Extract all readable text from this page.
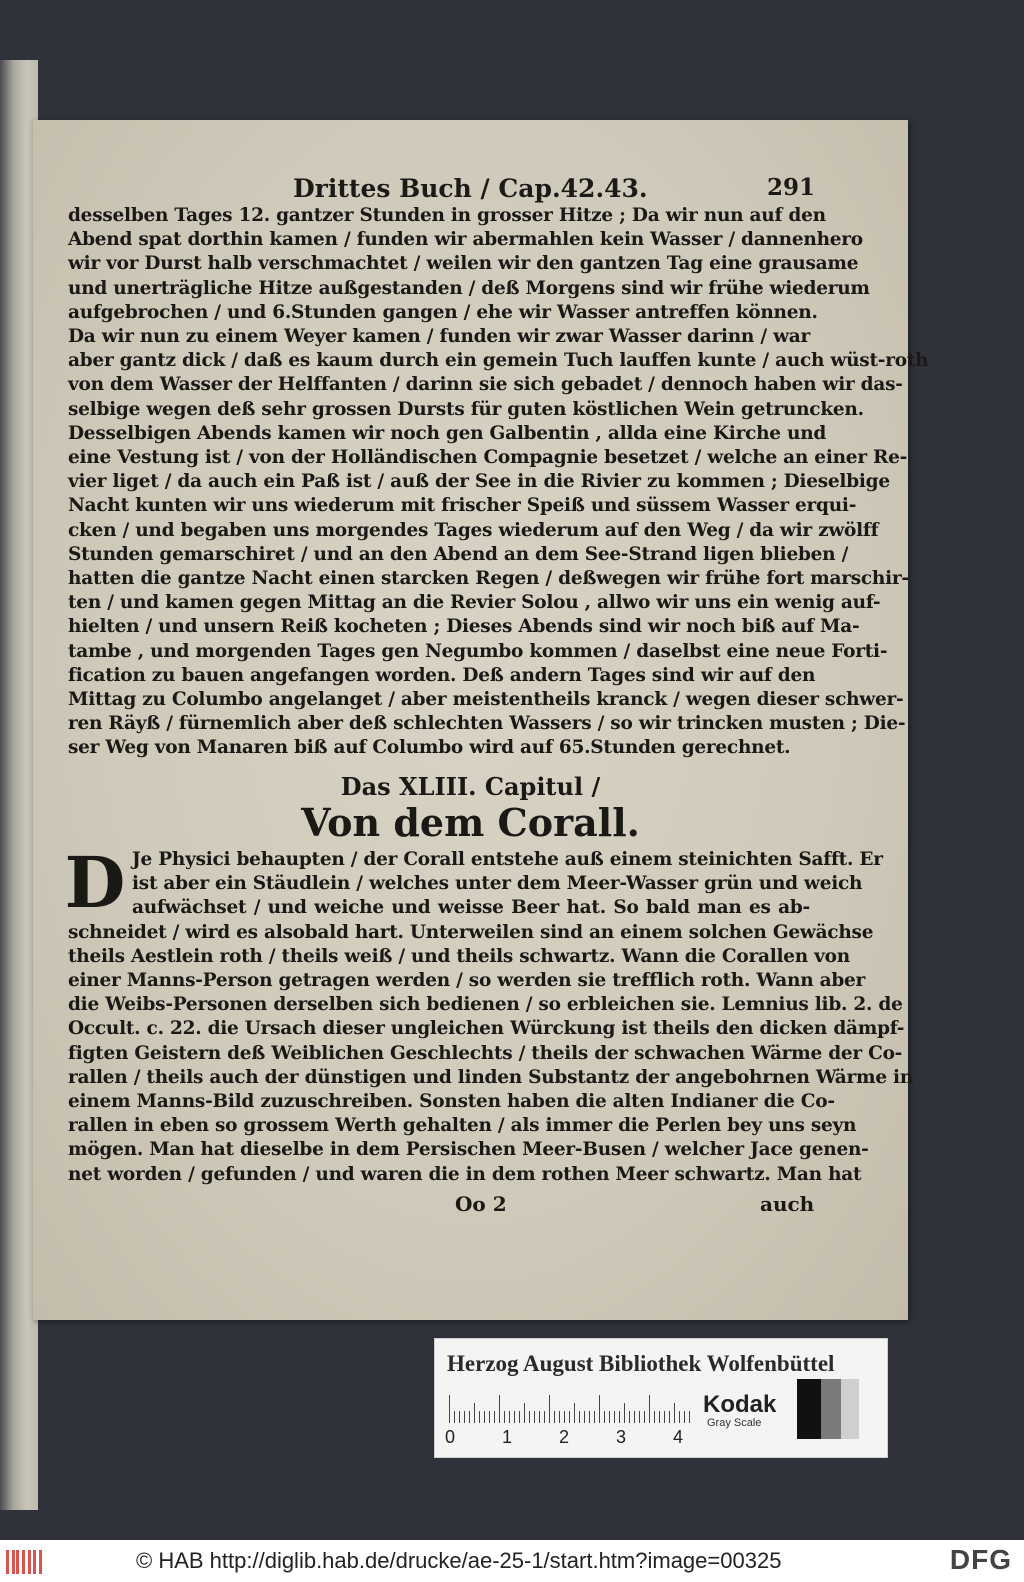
Drittes Buch / Cap.42.43.	291
desselben Tages 12. gantzer Stunden in grosser Hitze ; Da wir nun auf den
Abend spat dorthin kamen / funden wir abermahlen kein Wasser / dannenhero
wir vor Durst halb verschmachtet / weilen wir den gantzen Tag eine grausame
und unerträgliche Hitze außgestanden / deß Morgens sind wir frühe wiederum
aufgebrochen / und 6.Stunden gangen / ehe wir Wasser antreffen können.
Da wir nun zu einem Weyer kamen / funden wir zwar Wasser darinn / war
aber gantz dick / daß es kaum durch ein gemein Tuch lauffen kunte / auch wüst-roth
von dem Wasser der Helffanten / darinn sie sich gebadet / dennoch haben wir das-
selbige wegen deß sehr grossen Dursts für guten köstlichen Wein getruncken.
Desselbigen Abends kamen wir noch gen Galbentin , allda eine Kirche und
eine Vestung ist / von der Holländischen Compagnie besetzet / welche an einer Re-
vier liget / da auch ein Paß ist / auß der See in die Rivier zu kommen ; Dieselbige
Nacht kunten wir uns wiederum mit frischer Speiß und süssem Wasser erqui-
cken / und begaben uns morgendes Tages wiederum auf den Weg / da wir zwölff
Stunden gemarschiret / und an den Abend an dem See-Strand ligen blieben /
hatten die gantze Nacht einen starcken Regen / deßwegen wir frühe fort marschir-
ten / und kamen gegen Mittag an die Revier Solou , allwo wir uns ein wenig auf-
hielten / und unsern Reiß kocheten ; Dieses Abends sind wir noch biß auf Ma-
tambe , und morgenden Tages gen Negumbo kommen / daselbst eine neue Forti-
fication zu bauen angefangen worden. Deß andern Tages sind wir auf den
Mittag zu Columbo angelanget / aber meistentheils kranck / wegen dieser schwer-
ren Räyß / fürnemlich aber deß schlechten Wassers / so wir trincken musten ; Die-
ser Weg von Manaren biß auf Columbo wird auf 65.Stunden gerechnet.
Das XLIII. Capitul /
Von dem Corall.
D Je Physici behaupten / der Corall entstehe auß einem steinichten Safft. Er
ist aber ein Stäudlein / welches unter dem Meer-Wasser grün und weich
aufwächset / und weiche und weisse Beer hat. So bald man es ab-
schneidet / wird es alsobald hart. Unterweilen sind an einem solchen Gewächse
theils Aestlein roth / theils weiß / und theils schwartz. Wann die Corallen von
einer Manns-Person getragen werden / so werden sie trefflich roth. Wann aber
die Weibs-Personen derselben sich bedienen / so erbleichen sie. Lemnius lib. 2. de
Occult. c. 22. die Ursach dieser ungleichen Würckung ist theils den dicken dämpf-
figten Geistern deß Weiblichen Geschlechts / theils der schwachen Wärme der Co-
rallen / theils auch der dünstigen und linden Substantz der angebohrnen Wärme in
einem Manns-Bild zuzuschreiben. Sonsten haben die alten Indianer die Co-
rallen in eben so grossem Werth gehalten / als immer die Perlen bey uns seyn
mögen. Man hat dieselbe in dem Persischen Meer-Busen / welcher Jace genen-
net worden / gefunden / und waren die in dem rothen Meer schwartz. Man hat
Oo 2	auch
Herzog August Bibliothek Wolfenbüttel
0	1	2	3	4
Kodak
Gray Scale
© HAB http://diglib.hab.de/drucke/ae-25-1/start.htm?image=00325	DFG
